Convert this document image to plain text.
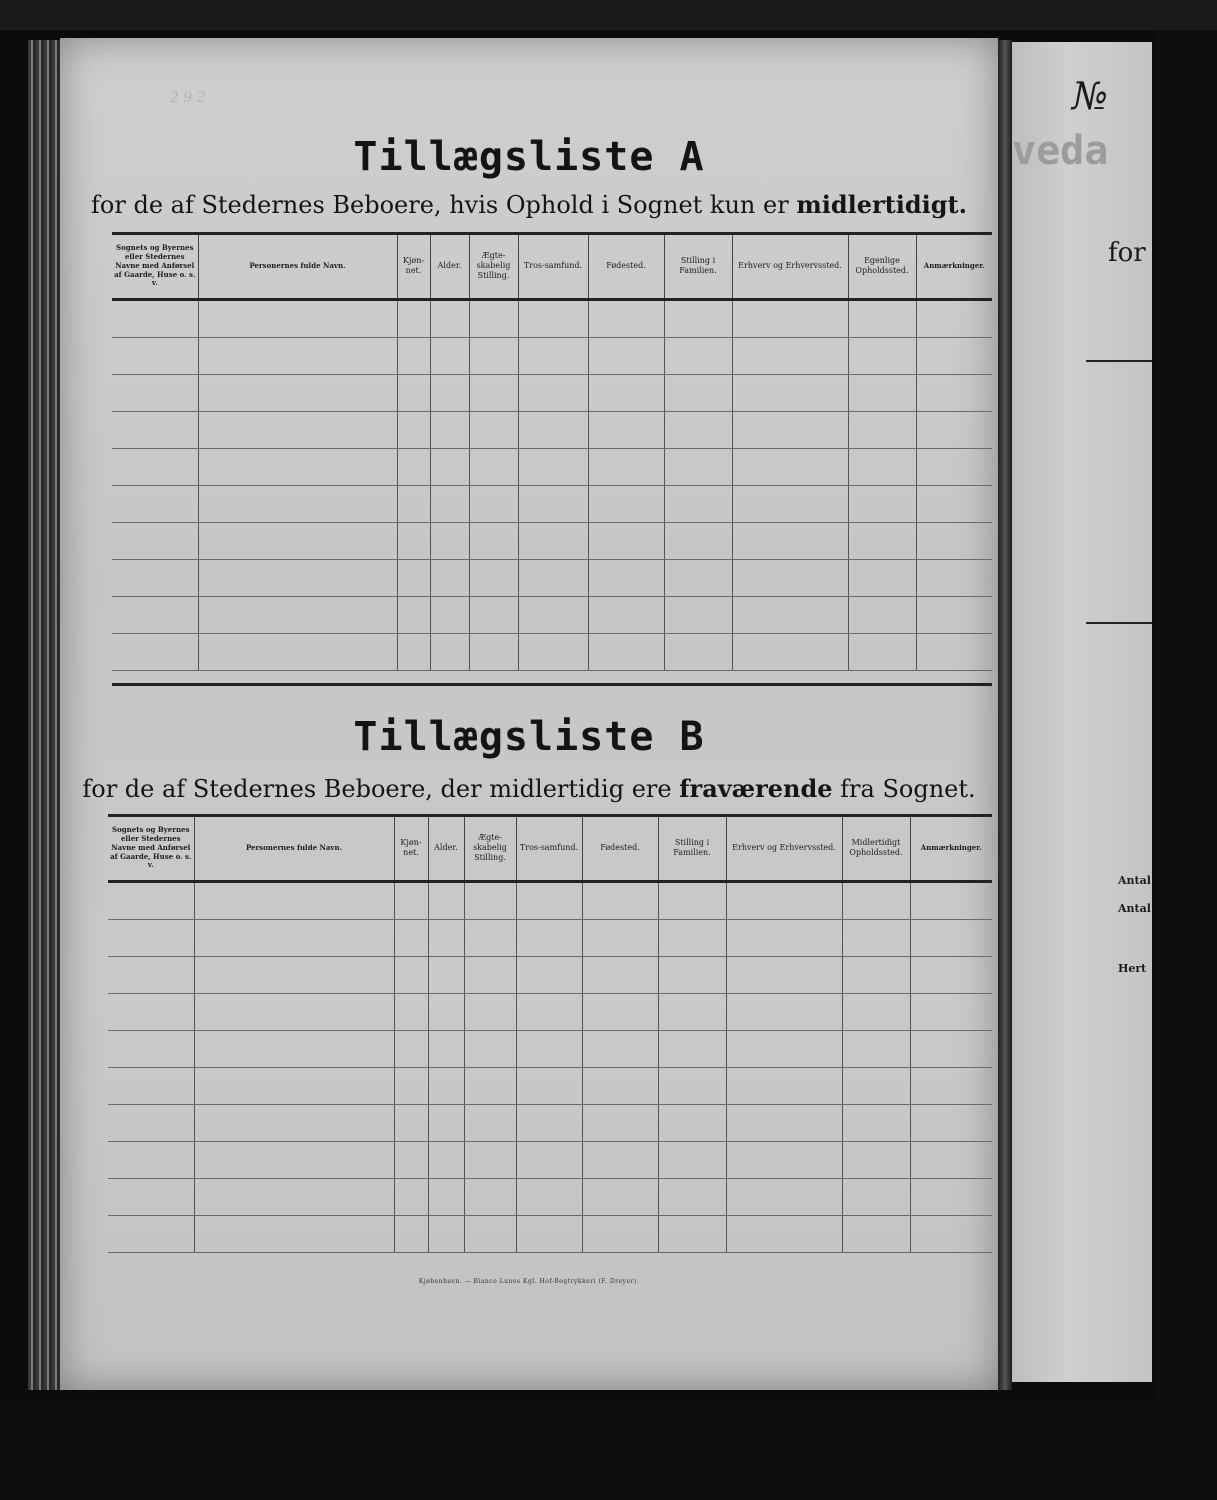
2 9 2
Tillægsliste A
for de af Stedernes Beboere, hvis Ophold i Sognet kun er midlertidigt.
Sognets og Byernes eller Stedernes Navne med Anførsel af Gaarde, Huse o. s. v.	Personernes fulde Navn.	Kjøn-net.	Alder.	Ægte-skabelig Stilling.	Tros-samfund.	Fødested.	Stilling i Familien.	Erhverv og Erhvervssted.	Egenlige Opholdssted.	Anmærkninger.

Tillægsliste B
for de af Stedernes Beboere, der midlertidig ere fraværende fra Sognet.
Sognets og Byernes eller Stedernes Navne med Anførsel af Gaarde, Huse o. s. v.	Personernes fulde Navn.	Kjøn-net.	Alder.	Ægte-skabelig Stilling.	Tros-samfund.	Fødested.	Stilling i Familien.	Erhverv og Erhvervssted.	Midlertidigt Opholdssted.	Anmærkninger.

Kjøbenhavn. — Bianco Lunos Kgl. Hof-Bogtrykkeri (F. Dreyer).
№
veda
for
Antal
Antal
Hert
